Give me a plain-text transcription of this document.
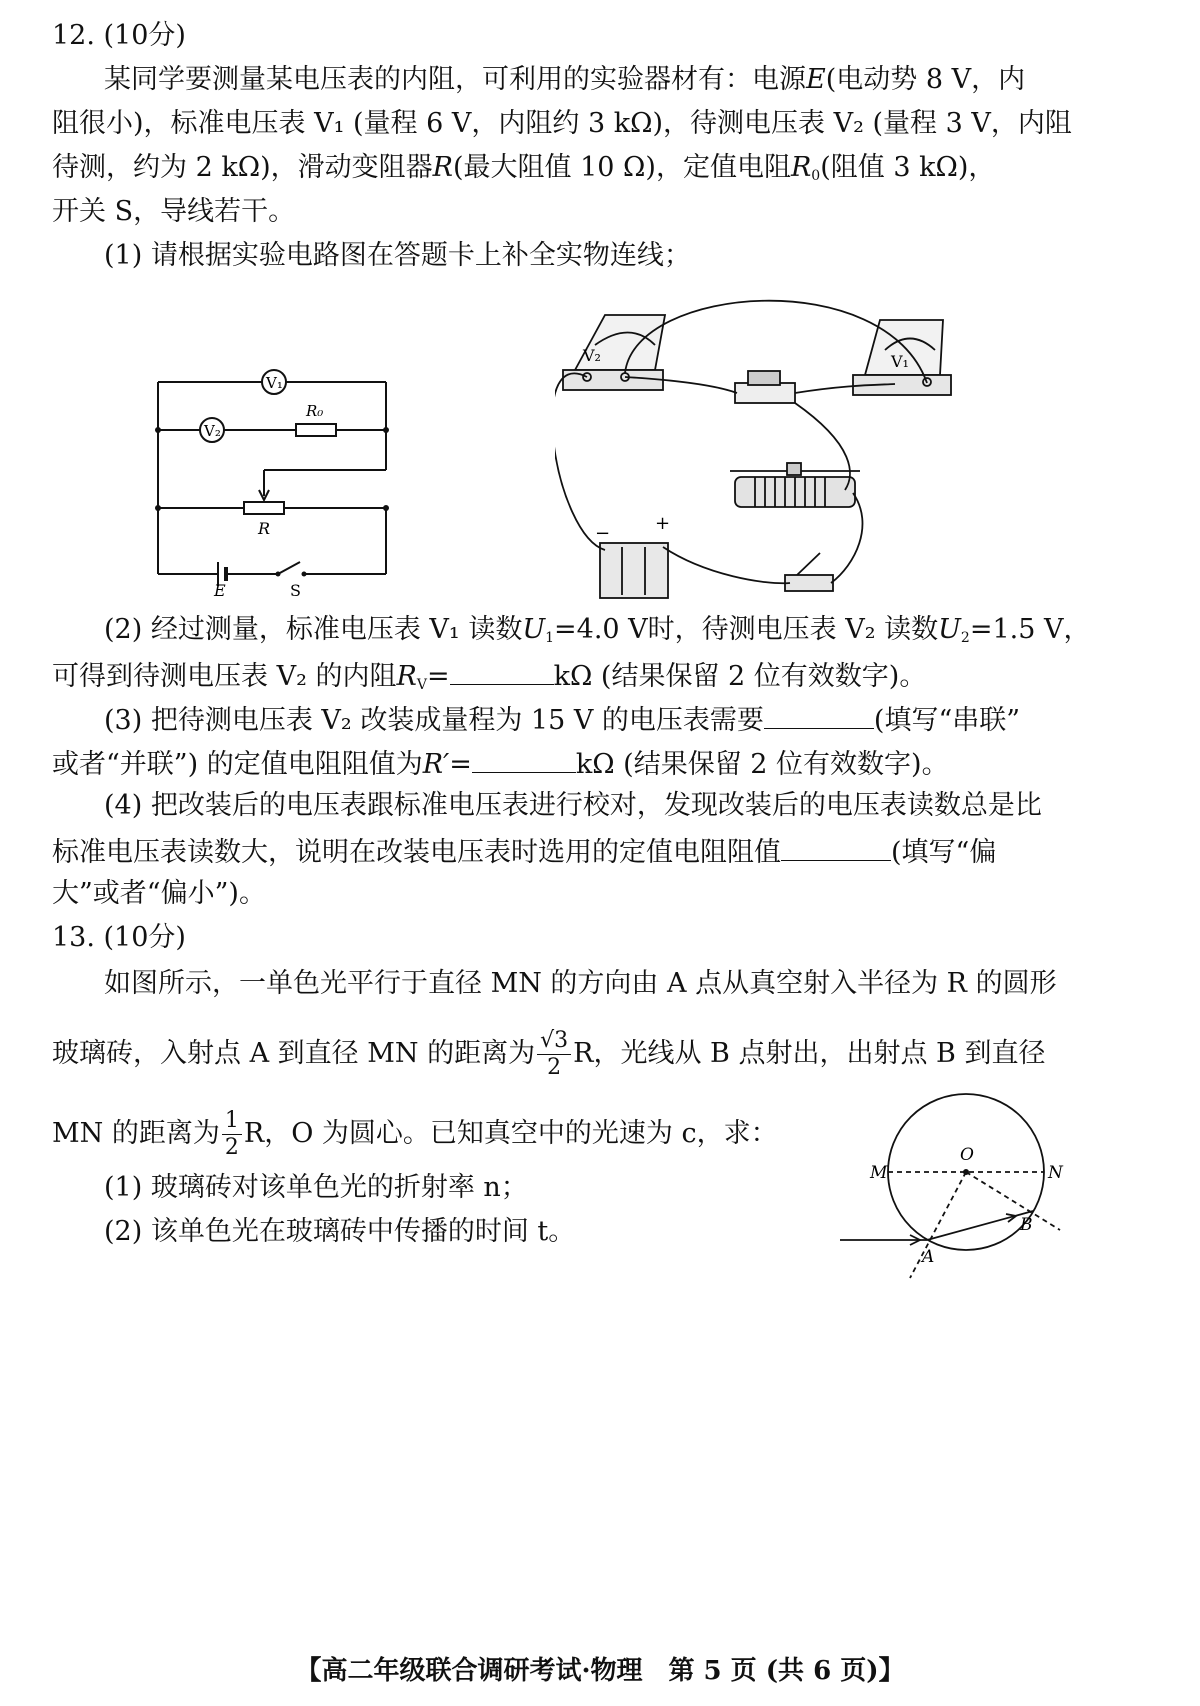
12. (10分)
某同学要测量某电压表的内阻，可利用的实验器材有：电源E(电动势 8 V，内
阻很小)，标准电压表 V₁ (量程 6 V，内阻约 3 kΩ)，待测电压表 V₂ (量程 3 V，内阻
待测，约为 2 kΩ)，滑动变阻器R(最大阻值 10 Ω)，定值电阻$R_0$(阻值 3 kΩ)，
开关 S，导线若干。
(1) 请根据实验电路图在答题卡上补全实物连线；
V₁
V₂
R₀
R
E	S
V₂	V₁
− +
(2) 经过测量，标准电压表 V₁ 读数$U_1=4.0$ V时，待测电压表 V₂ 读数$U_2=1.5$ V，
可得到待测电压表 V₂ 的内阻$R_V=$	kΩ (结果保留 2 位有效数字)。
(3) 把待测电压表 V₂ 改装成量程为 15 V 的电压表需要	(填写“串联”
或者“并联”) 的定值电阻阻值为R′=	kΩ (结果保留 2 位有效数字)。
(4) 把改装后的电压表跟标准电压表进行校对，发现改装后的电压表读数总是比
标准电压表读数大，说明在改装电压表时选用的定值电阻阻值	(填写“偏
大”或者“偏小”)。
13. (10分)
如图所示，一单色光平行于直径 MN 的方向由 A 点从真空射入半径为 R 的圆形
玻璃砖，入射点 A 到直径 MN 的距离为 $\frac{√3}{2}$ R，光线从 B 点射出，出射点 B 到直径
MN 的距离为 $\frac{1}{2}$ R，O 为圆心。已知真空中的光速为 c，求：
(1) 玻璃砖对该单色光的折射率 n；
(2) 该单色光在玻璃砖中传播的时间 t。
M	N
O
A
B
【高二年级联合调研考试·物理　第 5 页 (共 6 页)】
